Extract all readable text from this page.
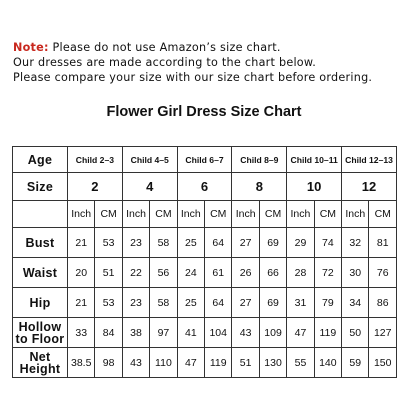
Note: Please do not use Amazon’s size chart.
Our dresses are made according to the chart below.
Please compare your size with our size chart before ordering.
Flower Girl Dress Size Chart
Age	Child 2–3		Child 4–5		Child 6–7		Child 8–9		Child 10–11		Child 12–13	
Size	2		4		6		8		10		12	
	Inch	CM	Inch	CM	Inch	CM	Inch	CM	Inch	CM	Inch	CM
Bust	21	53	23	58	25	64	27	69	29	74	32	81
Waist	20	51	22	56	24	61	26	66	28	72	30	76
Hip	21	53	23	58	25	64	27	69	31	79	34	86
Hollow
to Floor	33	84	38	97	41	104	43	109	47	119	50	127
Net
Height	38.5	98	43	110	47	119	51	130	55	140	59	150
